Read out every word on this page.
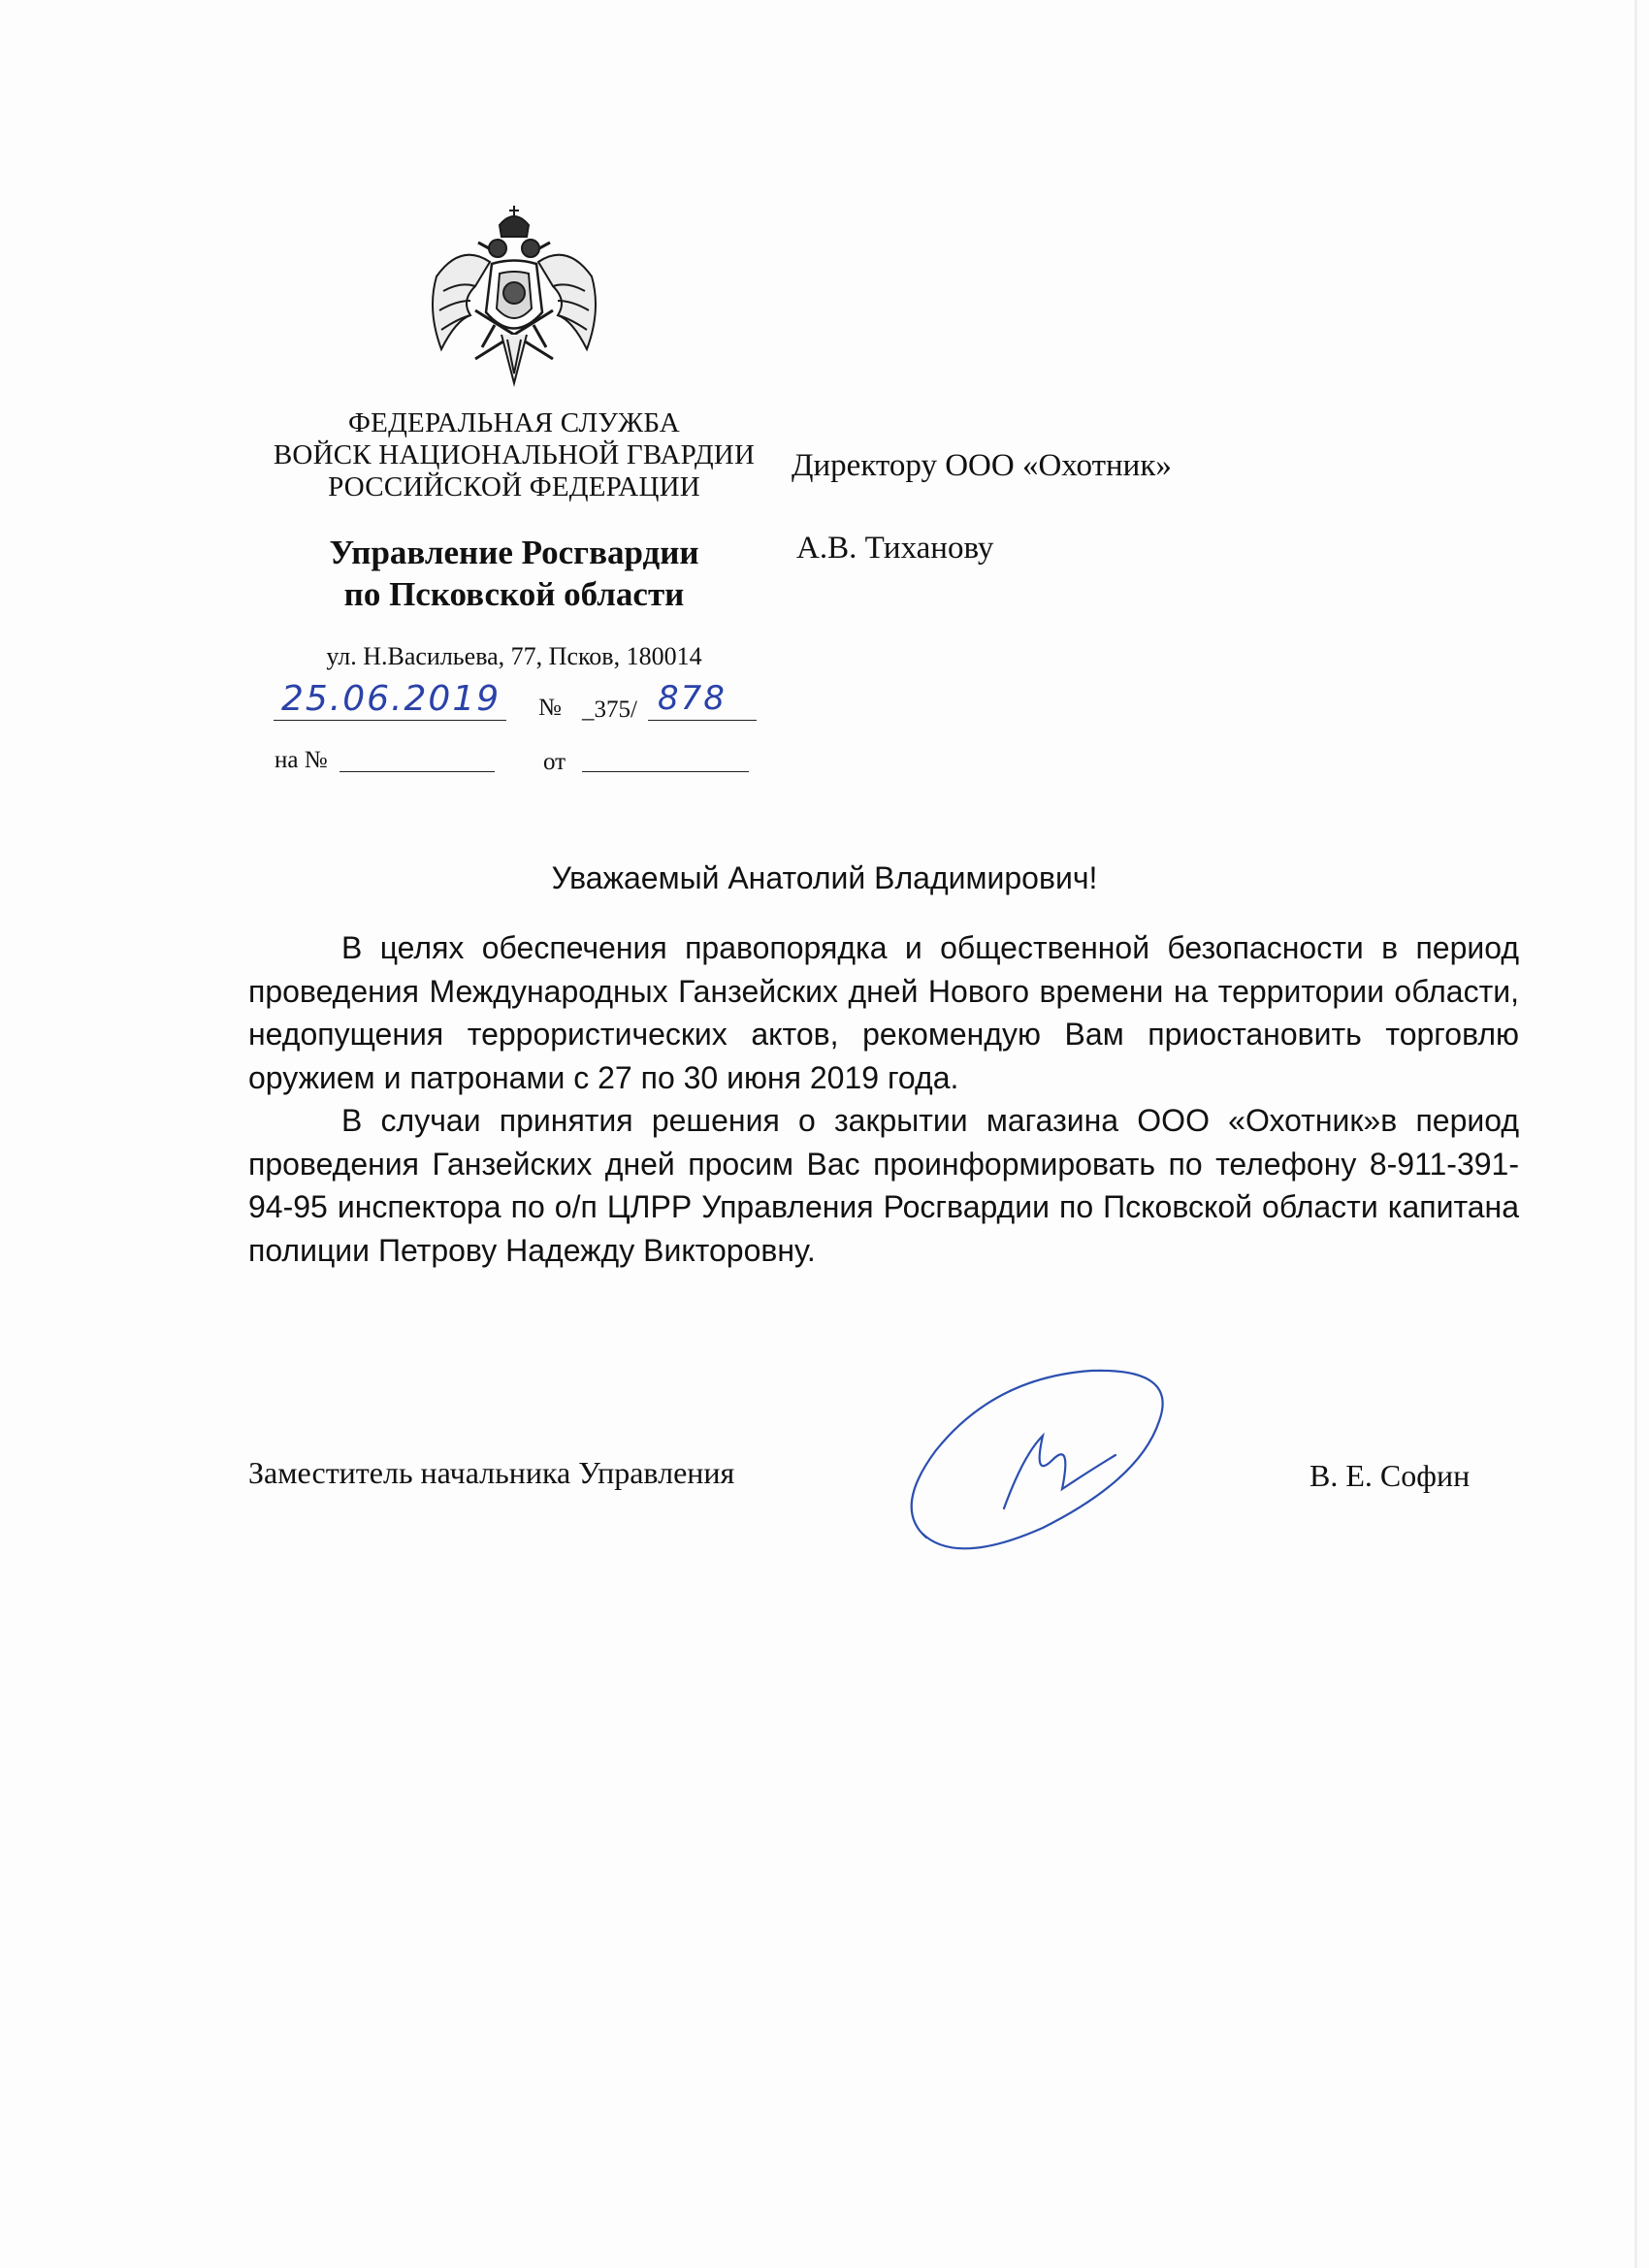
ФЕДЕРАЛЬНАЯ СЛУЖБА
ВОЙСК НАЦИОНАЛЬНОЙ ГВАРДИИ
РОССИЙСКОЙ ФЕДЕРАЦИИ
Управление Росгвардии
по Псковской области
ул. Н.Васильева, 77, Псков, 180014
25.06.2019 № _375/ 878
на №	от
Директору ООО «Охотник»
А.В. Тиханову
Уважаемый Анатолий Владимирович!

В целях обеспечения правопорядка и общественной безопасности в период проведения Международных Ганзейских дней Нового времени на территории области, недопущения террористических актов, рекомендую Вам приостановить торговлю оружием и патронами с 27 по 30 июня 2019 года.

В случаи принятия решения о закрытии магазина ООО «Охотник»в период проведения Ганзейских дней просим Вас проинформировать по телефону 8-911-391-94-95 инспектора по о/п ЦЛРР Управления Росгвардии по Псковской области капитана полиции Петрову Надежду Викторовну.

Заместитель начальника Управления	В. Е. Софин
